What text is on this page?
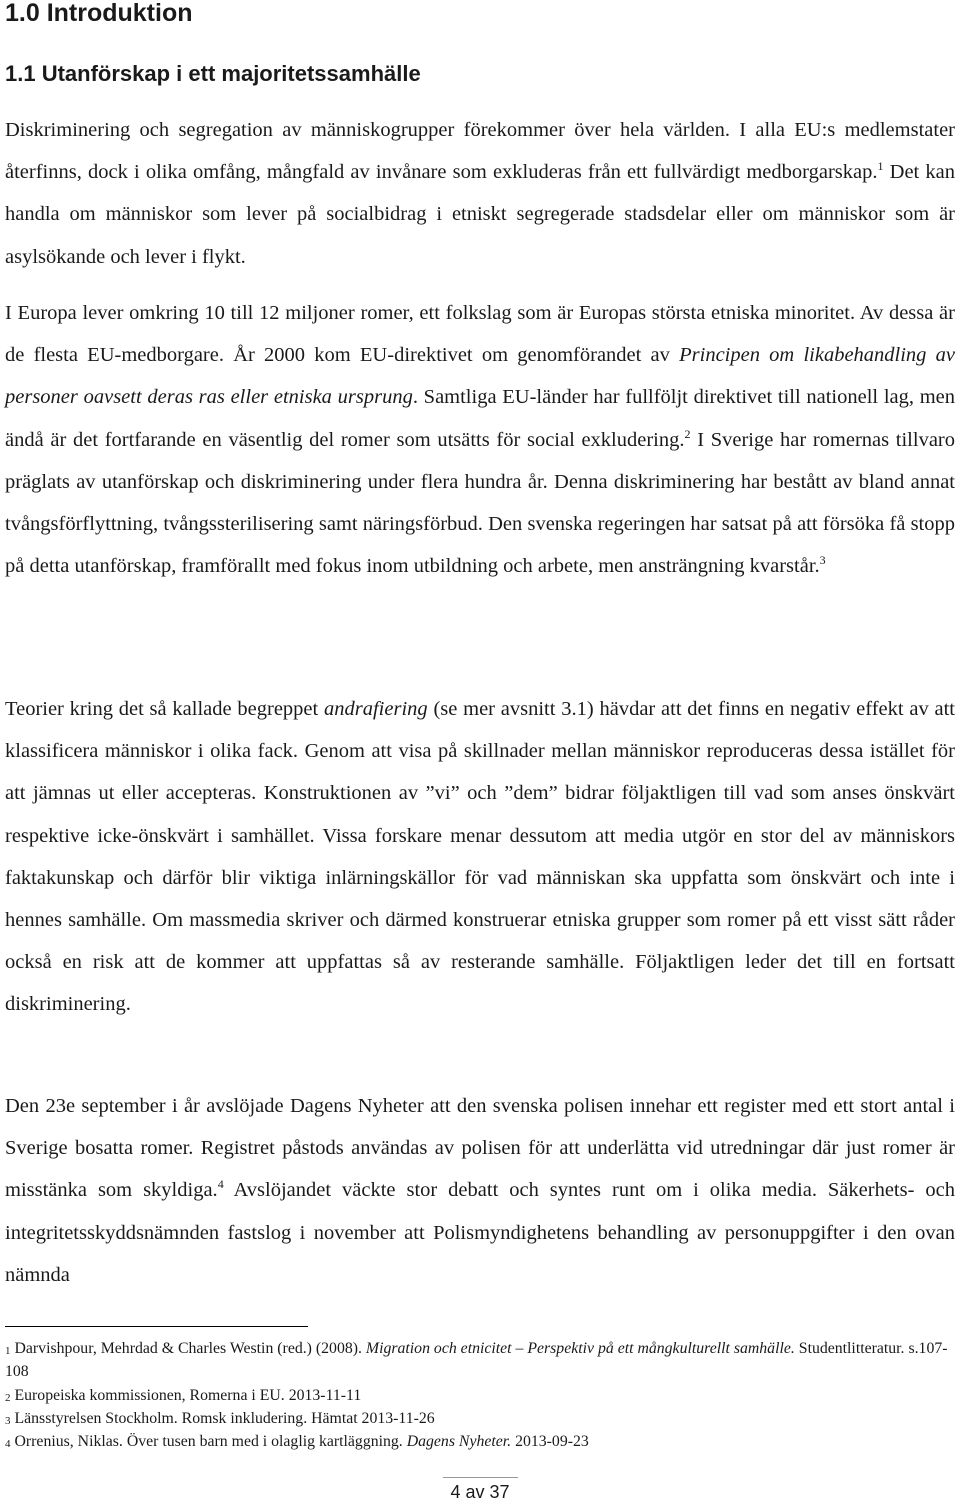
1.0 Introduktion
1.1 Utanförskap i ett majoritetssamhälle

Diskriminering och segregation av människogrupper förekommer över hela världen. I alla EU:s medlemstater återfinns, dock i olika omfång, mångfald av invånare som exkluderas från ett fullvärdigt medborgarskap.$^1$ Det kan handla om människor som lever på socialbidrag i etniskt segregerade stadsdelar eller om människor som är asylsökande och lever i flykt.

I Europa lever omkring 10 till 12 miljoner romer, ett folkslag som är Europas största etniska minoritet. Av dessa är de flesta EU-medborgare. År 2000 kom EU-direktivet om genomförandet av Principen om likabehandling av personer oavsett deras ras eller etniska ursprung. Samtliga EU-länder har fullföljt direktivet till nationell lag, men ändå är det fortfarande en väsentlig del romer som utsätts för social exkludering.$^2$ I Sverige har romernas tillvaro präglats av utanförskap och diskriminering under flera hundra år. Denna diskriminering har bestått av bland annat tvångsförflyttning, tvångssterilisering samt näringsförbud. Den svenska regeringen har satsat på att försöka få stopp på detta utanförskap, framförallt med fokus inom utbildning och arbete, men ansträngning kvarstår.$^3$

Teorier kring det så kallade begreppet andrafiering (se mer avsnitt 3.1) hävdar att det finns en negativ effekt av att klassificera människor i olika fack. Genom att visa på skillnader mellan människor reproduceras dessa istället för att jämnas ut eller accepteras. Konstruktionen av ”vi” och ”dem” bidrar följaktligen till vad som anses önskvärt respektive icke-önskvärt i samhället. Vissa forskare menar dessutom att media utgör en stor del av människors faktakunskap och därför blir viktiga inlärningskällor för vad människan ska uppfatta som önskvärt och inte i hennes samhälle. Om massmedia skriver och därmed konstruerar etniska grupper som romer på ett visst sätt råder också en risk att de kommer att uppfattas så av resterande samhälle. Följaktligen leder det till en fortsatt diskriminering.

Den 23e september i år avslöjade Dagens Nyheter att den svenska polisen innehar ett register med ett stort antal i Sverige bosatta romer. Registret påstods användas av polisen för att underlätta vid utredningar där just romer är misstänka som skyldiga.$^4$ Avslöjandet väckte stor debatt och syntes runt om i olika media. Säkerhets- och integritetsskyddsnämnden fastslog i november att Polismyndighetens behandling av personuppgifter i den ovan nämnda

$^1$ Darvishpour, Mehrdad & Charles Westin (red.) (2008). Migration och etnicitet – Perspektiv på ett mångkulturellt samhälle. Studentlitteratur. s.107-108

$^2$ Europeiska kommissionen, Romerna i EU. 2013-11-11

$^3$ Länsstyrelsen Stockholm. Romsk inkludering. Hämtat 2013-11-26

$^4$ Orrenius, Niklas. Över tusen barn med i olaglig kartläggning. Dagens Nyheter. 2013-09-23

4 av 37
